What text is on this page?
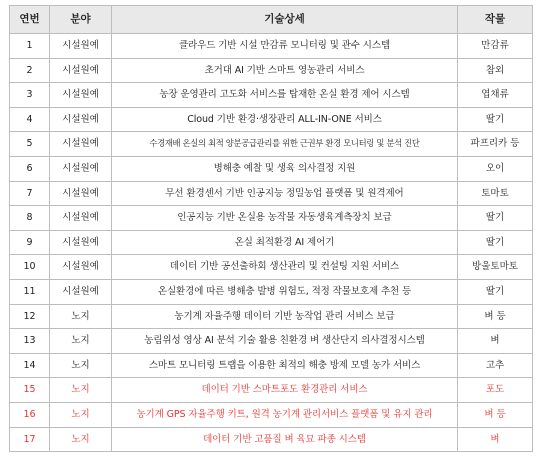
연번	분야	기술상세	작물
1	시설원예	클라우드 기반 시설 만감류 모니터링 및 관수 시스템	만감류
2	시설원예	초거대 AI 기반 스마트 영농관리 서비스	참외
3	시설원예	농장 운영관리 고도화 서비스를 탑재한 온실 환경 제어 시스템	엽채류
4	시설원예	Cloud 기반 환경·생장관리 ALL-IN-ONE 서비스	딸기
5	시설원예	수경재배 온실의 최적 양분공급관리를 위한 근권부 환경 모니터링 및 분석 진단	파프리카 등
6	시설원예	병해충 예찰 및 생육 의사결정 지원	오이
7	시설원예	무선 환경센서 기반 인공지능 정밀농업 플랫폼 및 원격제어	토마토
8	시설원예	인공지능 기반 온실용 농작물 자동생육계측장치 보급	딸기
9	시설원예	온실 최적환경 AI 제어기	딸기
10	시설원예	데이터 기반 공선출하회 생산관리 및 컨설팅 지원 서비스	방울토마토
11	시설원예	온실환경에 따른 병해충 발병 위험도, 적정 작물보호제 추천 등	딸기
12	노지	농기계 자율주행 데이터 기반 농작업 관리 서비스 보급	벼 등
13	노지	농림위성 영상 AI 분석 기술 활용 친환경 벼 생산단지 의사결정시스템	벼
14	노지	스마트 모니터링 트랩을 이용한 최적의 해충 방제 모델 농가 서비스	고추
15	노지	데이터 기반 스마트포도 환경관리 서비스	포도
16	노지	농기계 GPS 자율주행 키트, 원격 농기계 관리서비스 플랫폼 및 유지 관리	벼 등
17	노지	데이터 기반 고품질 벼 육묘 파종 시스템	벼
